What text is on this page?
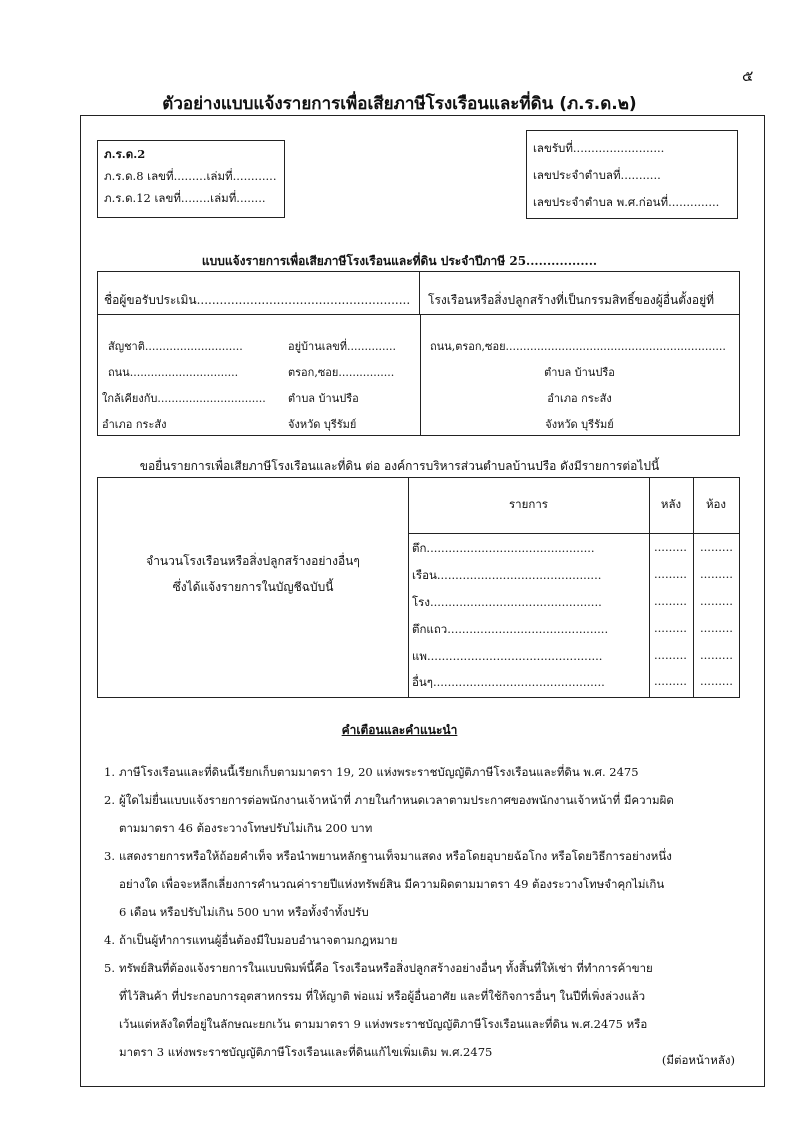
๕
ตัวอย่างแบบแจ้งรายการเพื่อเสียภาษีโรงเรือนและที่ดิน (ภ.ร.ด.๒)
ภ.ร.ด.2
ภ.ร.ด.8 เลขที่.........เล่มที่............
ภ.ร.ด.12 เลขที่........เล่มที่........
เลขรับที่.........................
เลขประจำตำบลที่...........
เลขประจำตำบล พ.ศ.ก่อนที่..............
แบบแจ้งรายการเพื่อเสียภาษีโรงเรือนและที่ดิน ประจำปีภาษี 25.................
ชื่อผู้ขอรับประเมิน........................................................	โรงเรือนหรือสิ่งปลูกสร้างที่เป็นกรรมสิทธิ์ของผู้อื่นตั้งอยู่ที่
สัญชาติ............................	อยู่บ้านเลขที่..............
ถนน...............................	ตรอก,ซอย................
ใกล้เคียงกับ............................... ตำบล บ้านปรือ
อำเภอ กระสัง	จังหวัด บุรีรัมย์
ถนน,ตรอก,ซอย...............................................................
ตำบล บ้านปรือ
อำเภอ กระสัง
จังหวัด บุรีรัมย์
ขอยื่นรายการเพื่อเสียภาษีโรงเรือนและที่ดิน ต่อ องค์การบริหารส่วนตำบลบ้านปรือ ดังมีรายการต่อไปนี้
จำนวนโรงเรือนหรือสิ่งปลูกสร้างอย่างอื่นๆ
ซึ่งได้แจ้งรายการในบัญชีฉบับนี้
รายการ	หลัง	ห้อง
ตึก..............................................	......... .........
เรือน.............................................	......... .........
โรง...............................................	......... .........
ตึกแถว............................................	......... .........
แพ................................................	......... .........
อื่นๆ...............................................	......... .........
คำเตือนและคำแนะนำ
1. ภาษีโรงเรือนและที่ดินนี้เรียกเก็บตามมาตรา 19, 20 แห่งพระราชบัญญัติภาษีโรงเรือนและที่ดิน พ.ศ. 2475
2. ผู้ใดไม่ยื่นแบบแจ้งรายการต่อพนักงานเจ้าหน้าที่ ภายในกำหนดเวลาตามประกาศของพนักงานเจ้าหน้าที่ มีความผิด
ตามมาตรา 46 ต้องระวางโทษปรับไม่เกิน 200 บาท
3. แสดงรายการหรือให้ถ้อยคำเท็จ หรือนำพยานหลักฐานเท็จมาแสดง หรือโดยอุบายฉ้อโกง หรือโดยวิธีการอย่างหนึ่ง
อย่างใด เพื่อจะหลีกเลี่ยงการคำนวณค่ารายปีแห่งทรัพย์สิน มีความผิดตามมาตรา 49 ต้องระวางโทษจำคุกไม่เกิน
6 เดือน หรือปรับไม่เกิน 500 บาท หรือทั้งจำทั้งปรับ
4. ถ้าเป็นผู้ทำการแทนผู้อื่นต้องมีใบมอบอำนาจตามกฎหมาย
5. ทรัพย์สินที่ต้องแจ้งรายการในแบบพิมพ์นี้คือ โรงเรือนหรือสิ่งปลูกสร้างอย่างอื่นๆ ทั้งสิ้นที่ให้เช่า ที่ทำการค้าขาย
ที่ไว้สินค้า ที่ประกอบการอุตสาหกรรม ที่ให้ญาติ พ่อแม่ หรือผู้อื่นอาศัย และที่ใช้กิจการอื่นๆ ในปีที่เพิ่งล่วงแล้ว
เว้นแต่หลังใดที่อยู่ในลักษณะยกเว้น ตามมาตรา 9 แห่งพระราชบัญญัติภาษีโรงเรือนและที่ดิน พ.ศ.2475 หรือ
มาตรา 3 แห่งพระราชบัญญัติภาษีโรงเรือนและที่ดินแก้ไขเพิ่มเติม พ.ศ.2475
(มีต่อหน้าหลัง)
